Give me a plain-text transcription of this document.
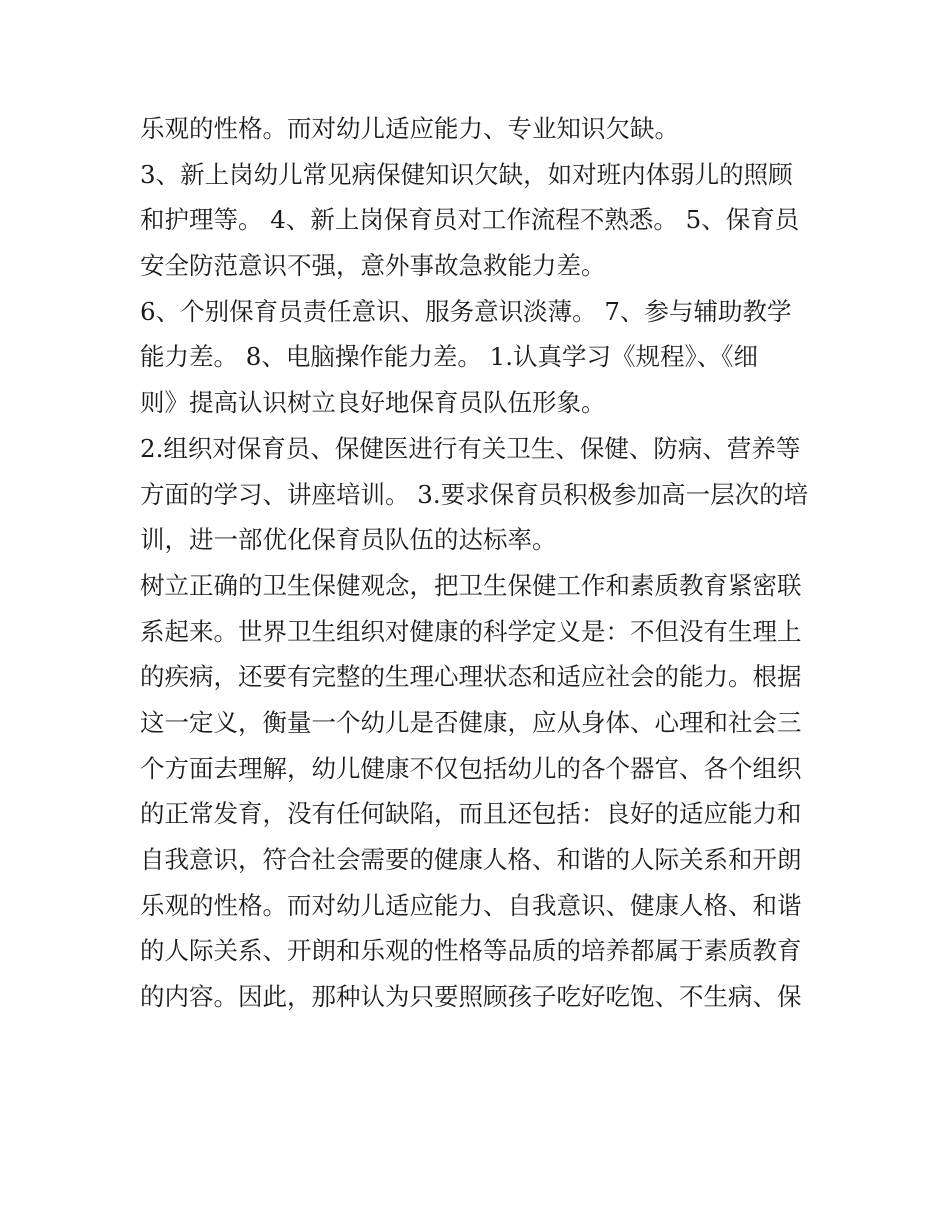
乐观的性格。而对幼儿适应能力、专业知识欠缺。
3、新上岗幼儿常见病保健知识欠缺，如对班内体弱儿的照顾
和护理等。 4、新上岗保育员对工作流程不熟悉。 5、保育员
安全防范意识不强，意外事故急救能力差。
6、个别保育员责任意识、服务意识淡薄。 7、参与辅助教学
能力差。 8、电脑操作能力差。 1.认真学习《规程》、《细
则》提高认识树立良好地保育员队伍形象。
2.组织对保育员、保健医进行有关卫生、保健、防病、营养等
方面的学习、讲座培训。 3.要求保育员积极参加高一层次的培
训，进一部优化保育员队伍的达标率。
树立正确的卫生保健观念，把卫生保健工作和素质教育紧密联
系起来。世界卫生组织对健康的科学定义是：不但没有生理上
的疾病，还要有完整的生理心理状态和适应社会的能力。根据
这一定义，衡量一个幼儿是否健康，应从身体、心理和社会三
个方面去理解，幼儿健康不仅包括幼儿的各个器官、各个组织
的正常发育，没有任何缺陷，而且还包括：良好的适应能力和
自我意识，符合社会需要的健康人格、和谐的人际关系和开朗
乐观的性格。而对幼儿适应能力、自我意识、健康人格、和谐
的人际关系、开朗和乐观的性格等品质的培养都属于素质教育
的内容。因此，那种认为只要照顾孩子吃好吃饱、不生病、保
